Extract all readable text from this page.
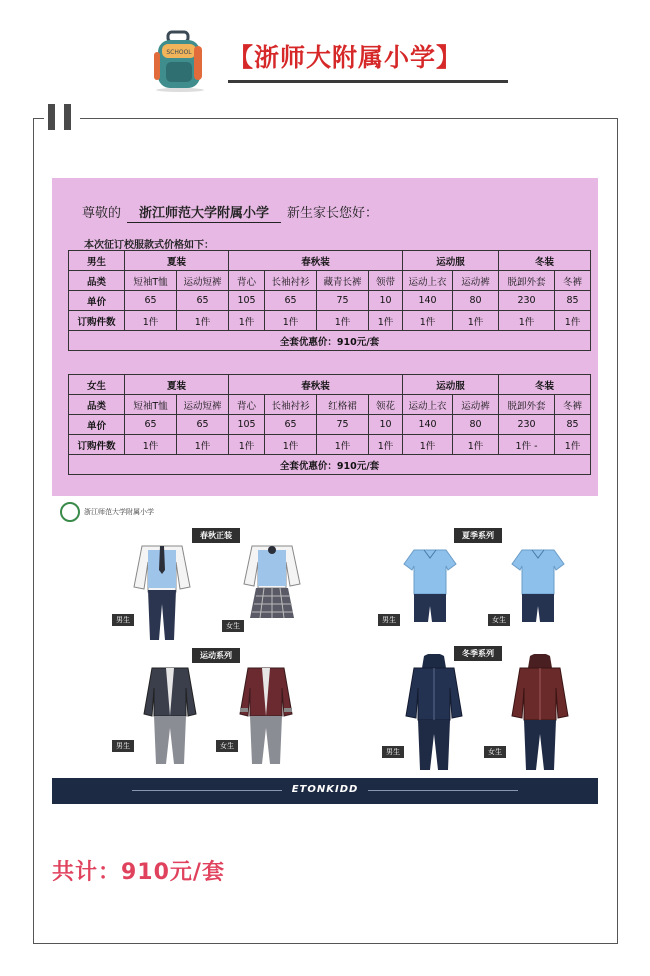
SCHOOL 【浙师大附属小学】
尊敬的 浙江师范大学附属小学 新生家长您好：
本次征订校服款式价格如下：
男生	夏装		春秋装				运动服		冬装	
品类	短袖T恤	运动短裤	背心	长袖衬衫	藏青长裤	领带	运动上衣	运动裤	脱卸外套	冬裤
单价	65	65	105	65	75	10	140	80	230	85
订购件数	1件	1件	1件	1件	1件	1件	1件	1件	1件	1件
全套优惠价：910元/套										
女生	夏装		春秋装				运动服		冬装	
品类	短袖T恤	运动短裤	背心	长袖衬衫	红格裙	领花	运动上衣	运动裤	脱卸外套	冬裤
单价	65	65	105	65	75	10	140	80	230	85
订购件数	1件	1件	1件	1件	1件	1件	1件	1件	1件 -	1件
全套优惠价：910元/套										
浙江师范大学附属小学
春秋正装	夏季系列
运动系列	冬季系列
男生
女生
男生	女生
男生	女生
男生	女生
ETONKIDD
共计：910元/套
